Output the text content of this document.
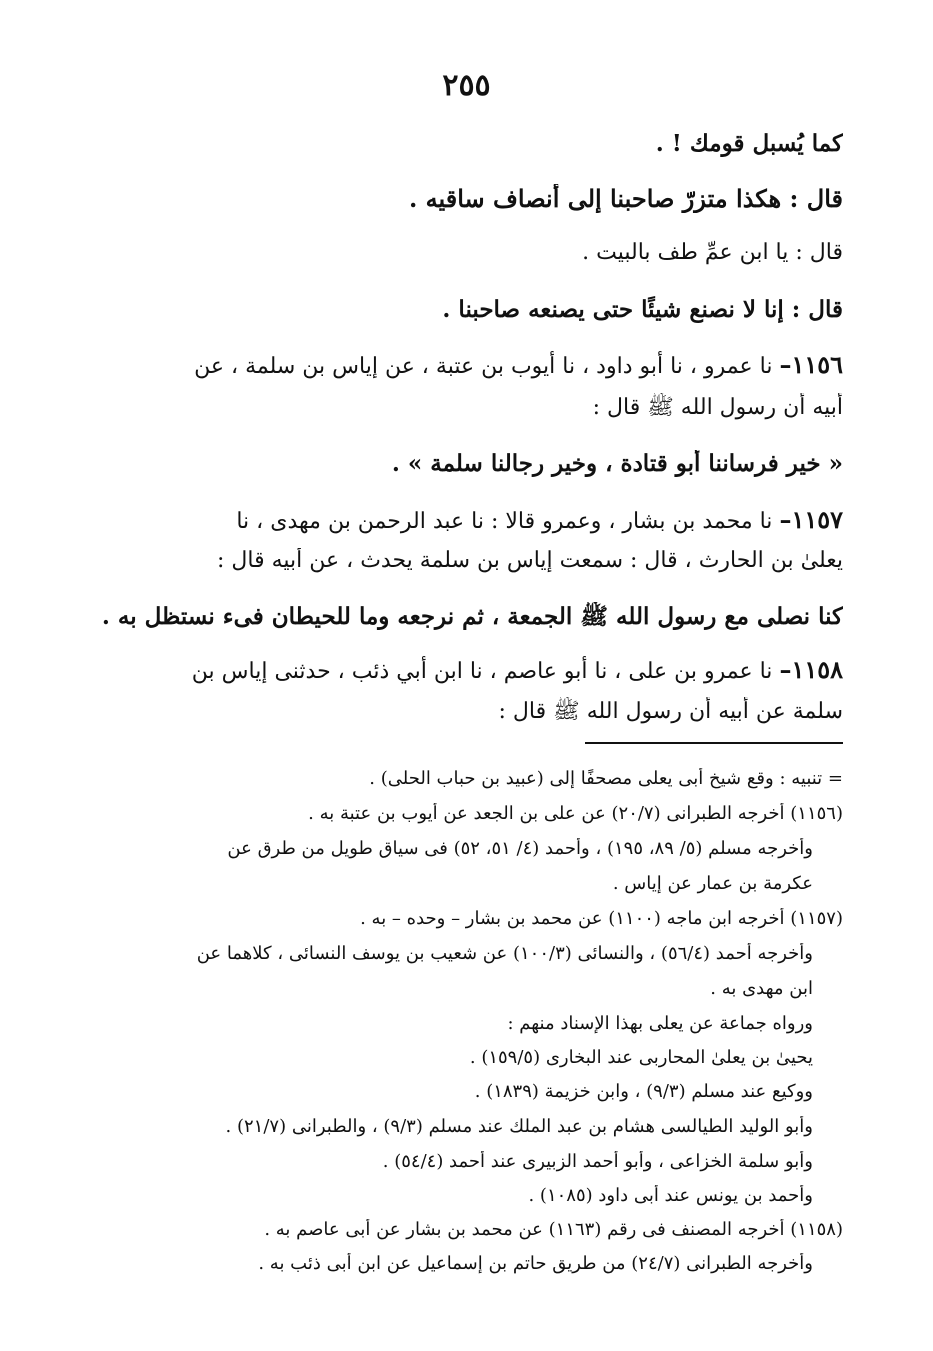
٢٥٥
كما يُسبل قومك ! .
قال : هكذا متزرّ صاحبنا إلى أنصاف ساقيه .
قال : يا ابن عمِّ طف بالبيت .
قال : إنا لا نصنع شيئًا حتى يصنعه صاحبنا .
١١٥٦– نا عمرو ، نا أبو داود ، نا أيوب بن عتبة ، عن إياس بن سلمة ، عن
أبيه أن رسول الله ﷺ قال :
« خير فرساننا أبو قتادة ، وخير رجالنا سلمة » .
١١٥٧– نا محمد بن بشار ، وعمرو قالا : نا عبد الرحمن بن مهدى ، نا
يعلىٰ بن الحارث ، قال : سمعت إياس بن سلمة يحدث ، عن أبيه قال :
كنا نصلى مع رسول الله ﷺ الجمعة ، ثم نرجعه وما للحيطان فىء نستظل به .
١١٥٨– نا عمرو بن على ، نا أبو عاصم ، نا ابن أبي ذئب ، حدثنى إياس بن
سلمة عن أبيه أن رسول الله ﷺ قال :
= تنبيه : وقع شيخ أبى يعلى مصحفًا إلى (عبيد بن حباب الحلى) .
(١١٥٦) أخرجه الطبرانى (٢٠/٧) عن على بن الجعد عن أيوب بن عتبة به .
وأخرجه مسلم (٥/ ٨٩، ١٩٥) ، وأحمد (٤/ ٥١، ٥٢) فى سياق طويل من طرق عن
عكرمة بن عمار عن إياس .
(١١٥٧) أخرجه ابن ماجه (١١٠٠) عن محمد بن بشار – وحده – به .
وأخرجه أحمد (٥٦/٤) ، والنسائى (١٠٠/٣) عن شعيب بن يوسف النسائى ، كلاهما عن
ابن مهدى به .
ورواه جماعة عن يعلى بهذا الإسناد منهم :
يحيىٰ بن يعلىٰ المحاربى عند البخارى (١٥٩/٥) .
ووكيع عند مسلم (٩/٣) ، وابن خزيمة (١٨٣٩) .
وأبو الوليد الطيالسى هشام بن عبد الملك عند مسلم (٩/٣) ، والطبرانى (٢١/٧) .
وأبو سلمة الخزاعى ، وأبو أحمد الزبيرى عند أحمد (٥٤/٤) .
وأحمد بن يونس عند أبى داود (١٠٨٥) .
(١١٥٨) أخرجه المصنف فى رقم (١١٦٣) عن محمد بن بشار عن أبى عاصم به .
وأخرجه الطبرانى (٢٤/٧) من طريق حاتم بن إسماعيل عن ابن أبى ذئب به .
